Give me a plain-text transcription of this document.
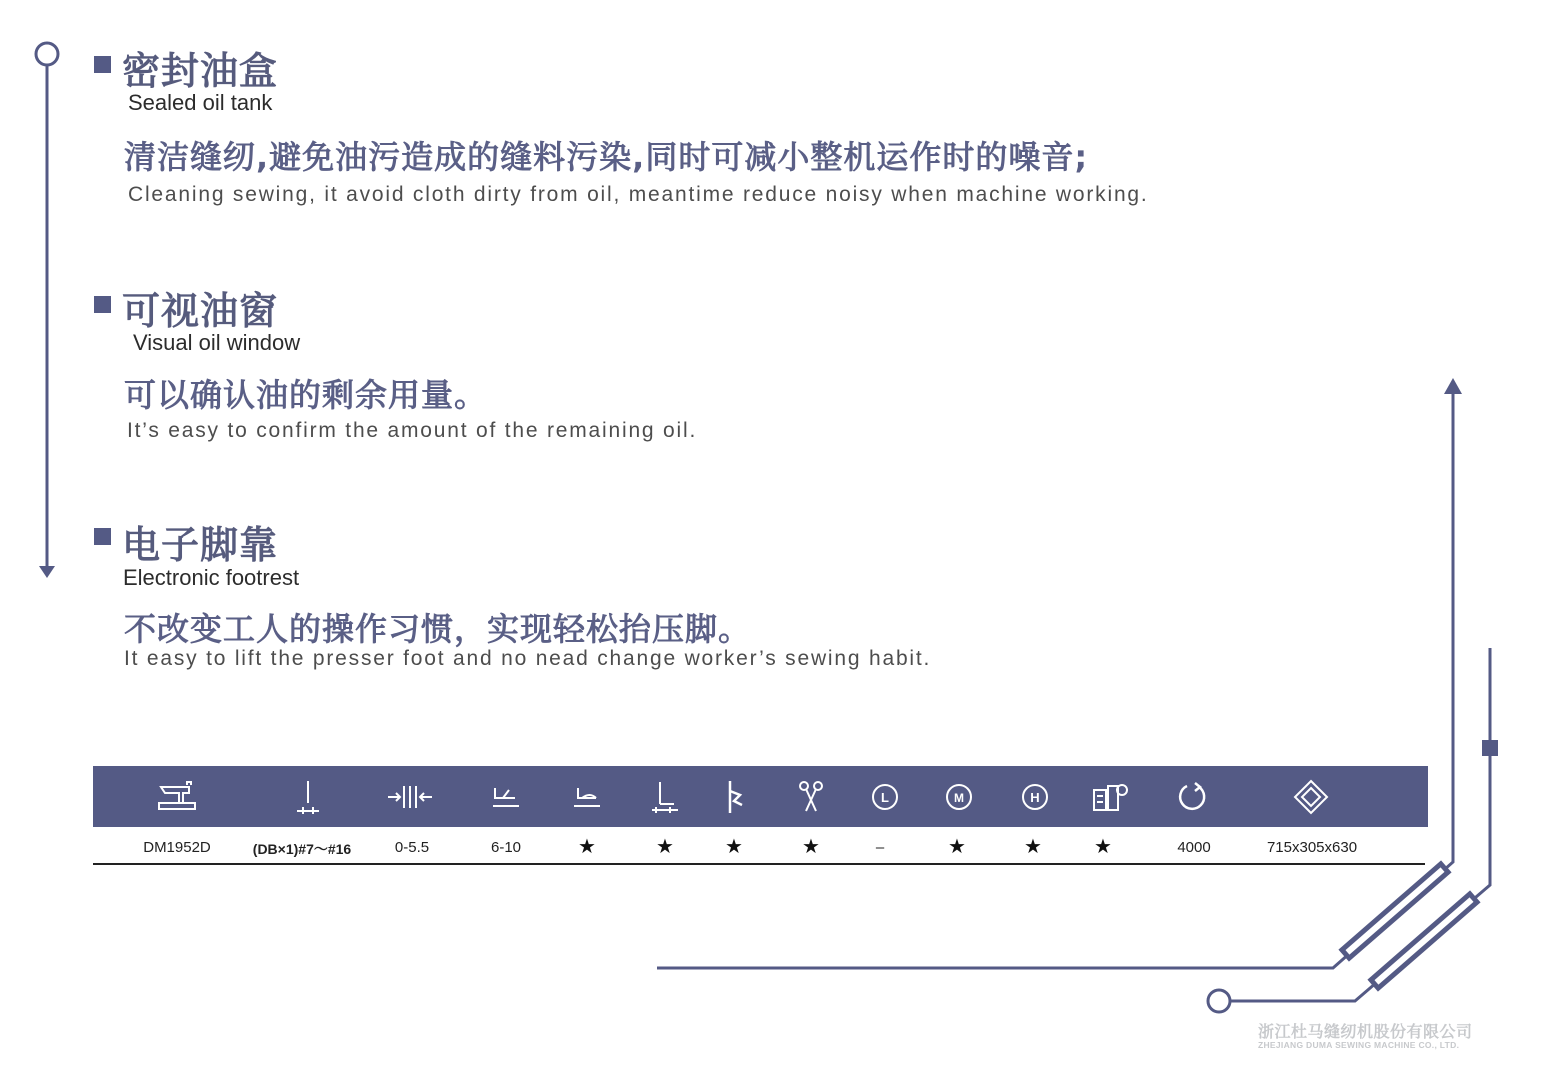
密封油盒
Sealed oil tank
清洁缝纫,避免油污造成的缝料污染,同时可减小整机运作时的噪音;
Cleaning sewing, it avoid cloth dirty from oil, meantime reduce noisy when machine working.
可视油窗
Visual oil window
可以确认油的剩余用量。
It’s easy to confirm the amount of the remaining oil.
电子脚靠
Electronic footrest
不改变工人的操作习惯，实现轻松抬压脚。
It easy to lift the presser foot and no nead change worker’s sewing habit.
L	M	H
DM1952D	(DB×1)#7～#16	0-5.5	6-10	★	★	★	★	–	★	★	★	4000	715x305x630
浙江杜马缝纫机股份有限公司
ZHEJIANG DUMA SEWING MACHINE CO., LTD.
